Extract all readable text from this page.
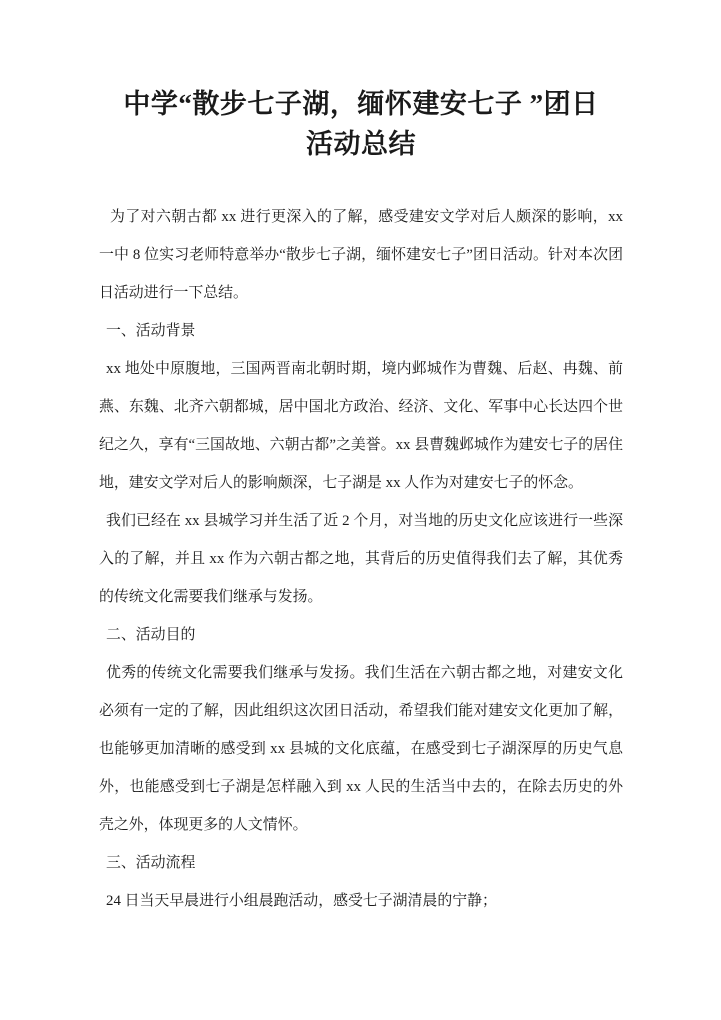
中学“散步七子湖，缅怀建安七子 ”团日
活动总结

为了对六朝古都 xx 进行更深入的了解，感受建安文学对后人颇深的影响，xx 一中 8 位实习老师特意举办“散步七子湖，缅怀建安七子”团日活动。针对本次团日活动进行一下总结。

一、活动背景

xx 地处中原腹地，三国两晋南北朝时期，境内邺城作为曹魏、后赵、冉魏、前燕、东魏、北齐六朝都城，居中国北方政治、经济、文化、军事中心长达四个世纪之久，享有“三国故地、六朝古都”之美誉。xx 县曹魏邺城作为建安七子的居住地，建安文学对后人的影响颇深，七子湖是 xx 人作为对建安七子的怀念。

我们已经在 xx 县城学习并生活了近 2 个月，对当地的历史文化应该进行一些深入的了解，并且 xx 作为六朝古都之地，其背后的历史值得我们去了解，其优秀的传统文化需要我们继承与发扬。

二、活动目的

优秀的传统文化需要我们继承与发扬。我们生活在六朝古都之地，对建安文化必须有一定的了解，因此组织这次团日活动，希望我们能对建安文化更加了解，也能够更加清晰的感受到 xx 县城的文化底蕴，在感受到七子湖深厚的历史气息外，也能感受到七子湖是怎样融入到 xx 人民的生活当中去的，在除去历史的外壳之外，体现更多的人文情怀。

三、活动流程

24 日当天早晨进行小组晨跑活动，感受七子湖清晨的宁静；
